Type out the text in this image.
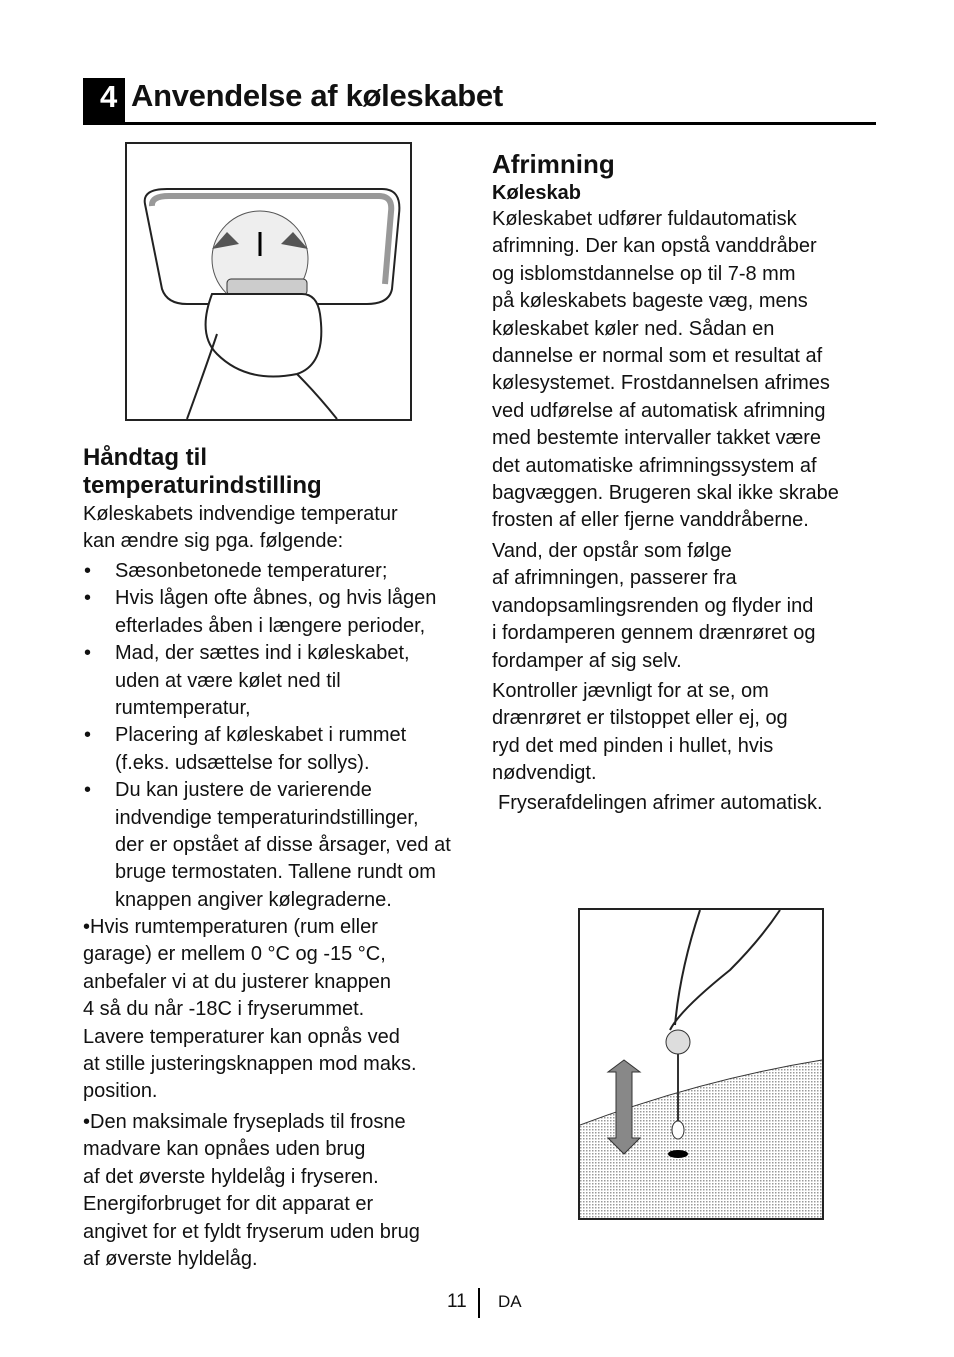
4 Anvendelse af køleskabet
Håndtag til
temperaturindstilling
Køleskabets indvendige temperatur
kan ændre sig pga. følgende:
• Sæsonbetonede temperaturer;
• Hvis lågen ofte åbnes, og hvis lågen
efterlades åben i længere perioder,
• Mad, der sættes ind i køleskabet,
uden at være kølet ned til
rumtemperatur,
• Placering af køleskabet i rummet
(f.eks. udsættelse for sollys).
• Du kan justere de varierende
indvendige temperaturindstillinger,
der er opstået af disse årsager, ved at
bruge termostaten. Tallene rundt om
knappen angiver kølegraderne.
•Hvis rumtemperaturen (rum eller
garage) er mellem 0 °C og -15 °C,
anbefaler vi at du justerer knappen
4 så du når -18C i fryserummet.
Lavere temperaturer kan opnås ved
at stille justeringsknappen mod maks.
position.
•Den maksimale fryseplads til frosne
madvare kan opnåes uden brug
af det øverste hyldelåg i fryseren.
Energiforbruget for dit apparat er
angivet for et fyldt fryserum uden brug
af øverste hyldelåg.
Afrimning
Køleskab
Køleskabet udfører fuldautomatisk
afrimning. Der kan opstå vanddråber
og isblomstdannelse op til 7-8 mm
på køleskabets bageste væg, mens
køleskabet køler ned. Sådan en
dannelse er normal som et resultat af
kølesystemet. Frostdannelsen afrimes
ved udførelse af automatisk afrimning
med bestemte intervaller takket være
det automatiske afrimningssystem af
bagvæggen. Brugeren skal ikke skrabe
frosten af eller fjerne vanddråberne.
Vand, der opstår som følge
af afrimningen, passerer fra
vandopsamlingsrenden og flyder ind
i fordamperen gennem drænrøret og
fordamper af sig selv.
Kontroller jævnligt for at se, om
drænrøret er tilstoppet eller ej, og
ryd det med pinden i hullet, hvis
nødvendigt.
Fryserafdelingen afrimer automatisk.
11 DA
